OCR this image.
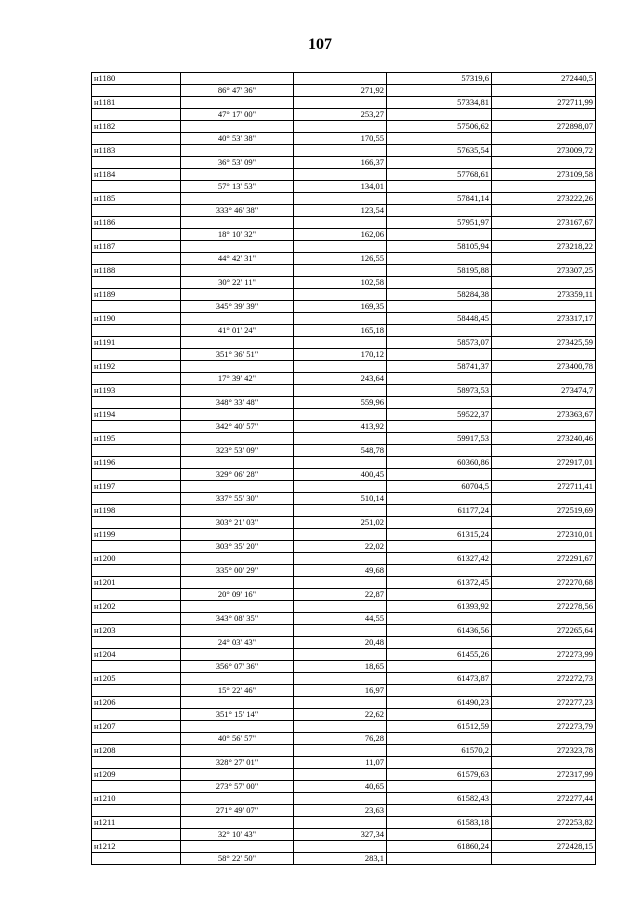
107
н1180			57319,6	272440,5
	86° 47' 36"	271,92		
н1181			57334,81	272711,99
	47° 17' 00"	253,27		
н1182			57506,62	272898,07
	40° 53' 38"	170,55		
н1183			57635,54	273009,72
	36° 53' 09"	166,37		
н1184			57768,61	273109,58
	57° 13' 53"	134,01		
н1185			57841,14	273222,26
	333° 46' 38"	123,54		
н1186			57951,97	273167,67
	18° 10' 32"	162,06		
н1187			58105,94	273218,22
	44° 42' 31"	126,55		
н1188			58195,88	273307,25
	30° 22' 11"	102,58		
н1189			58284,38	273359,11
	345° 39' 39"	169,35		
н1190			58448,45	273317,17
	41° 01' 24"	165,18		
н1191			58573,07	273425,59
	351° 36' 51"	170,12		
н1192			58741,37	273400,78
	17° 39' 42"	243,64		
н1193			58973,53	273474,7
	348° 33' 48"	559,96		
н1194			59522,37	273363,67
	342° 40' 57"	413,92		
н1195			59917,53	273240,46
	323° 53' 09"	548,78		
н1196			60360,86	272917,01
	329° 06' 28"	400,45		
н1197			60704,5	272711,41
	337° 55' 30"	510,14		
н1198			61177,24	272519,69
	303° 21' 03"	251,02		
н1199			61315,24	272310,01
	303° 35' 20"	22,02		
н1200			61327,42	272291,67
	335° 00' 29"	49,68		
н1201			61372,45	272270,68
	20° 09' 16"	22,87		
н1202			61393,92	272278,56
	343° 08' 35"	44,55		
н1203			61436,56	272265,64
	24° 03' 43"	20,48		
н1204			61455,26	272273,99
	356° 07' 36"	18,65		
н1205			61473,87	272272,73
	15° 22' 46"	16,97		
н1206			61490,23	272277,23
	351° 15' 14"	22,62		
н1207			61512,59	272273,79
	40° 56' 57"	76,28		
н1208			61570,2	272323,78
	328° 27' 01"	11,07		
н1209			61579,63	272317,99
	273° 57' 00"	40,65		
н1210			61582,43	272277,44
	271° 49' 07"	23,63		
н1211			61583,18	272253,82
	32° 10' 43"	327,34		
н1212			61860,24	272428,15
	58° 22' 50"	283,1		
